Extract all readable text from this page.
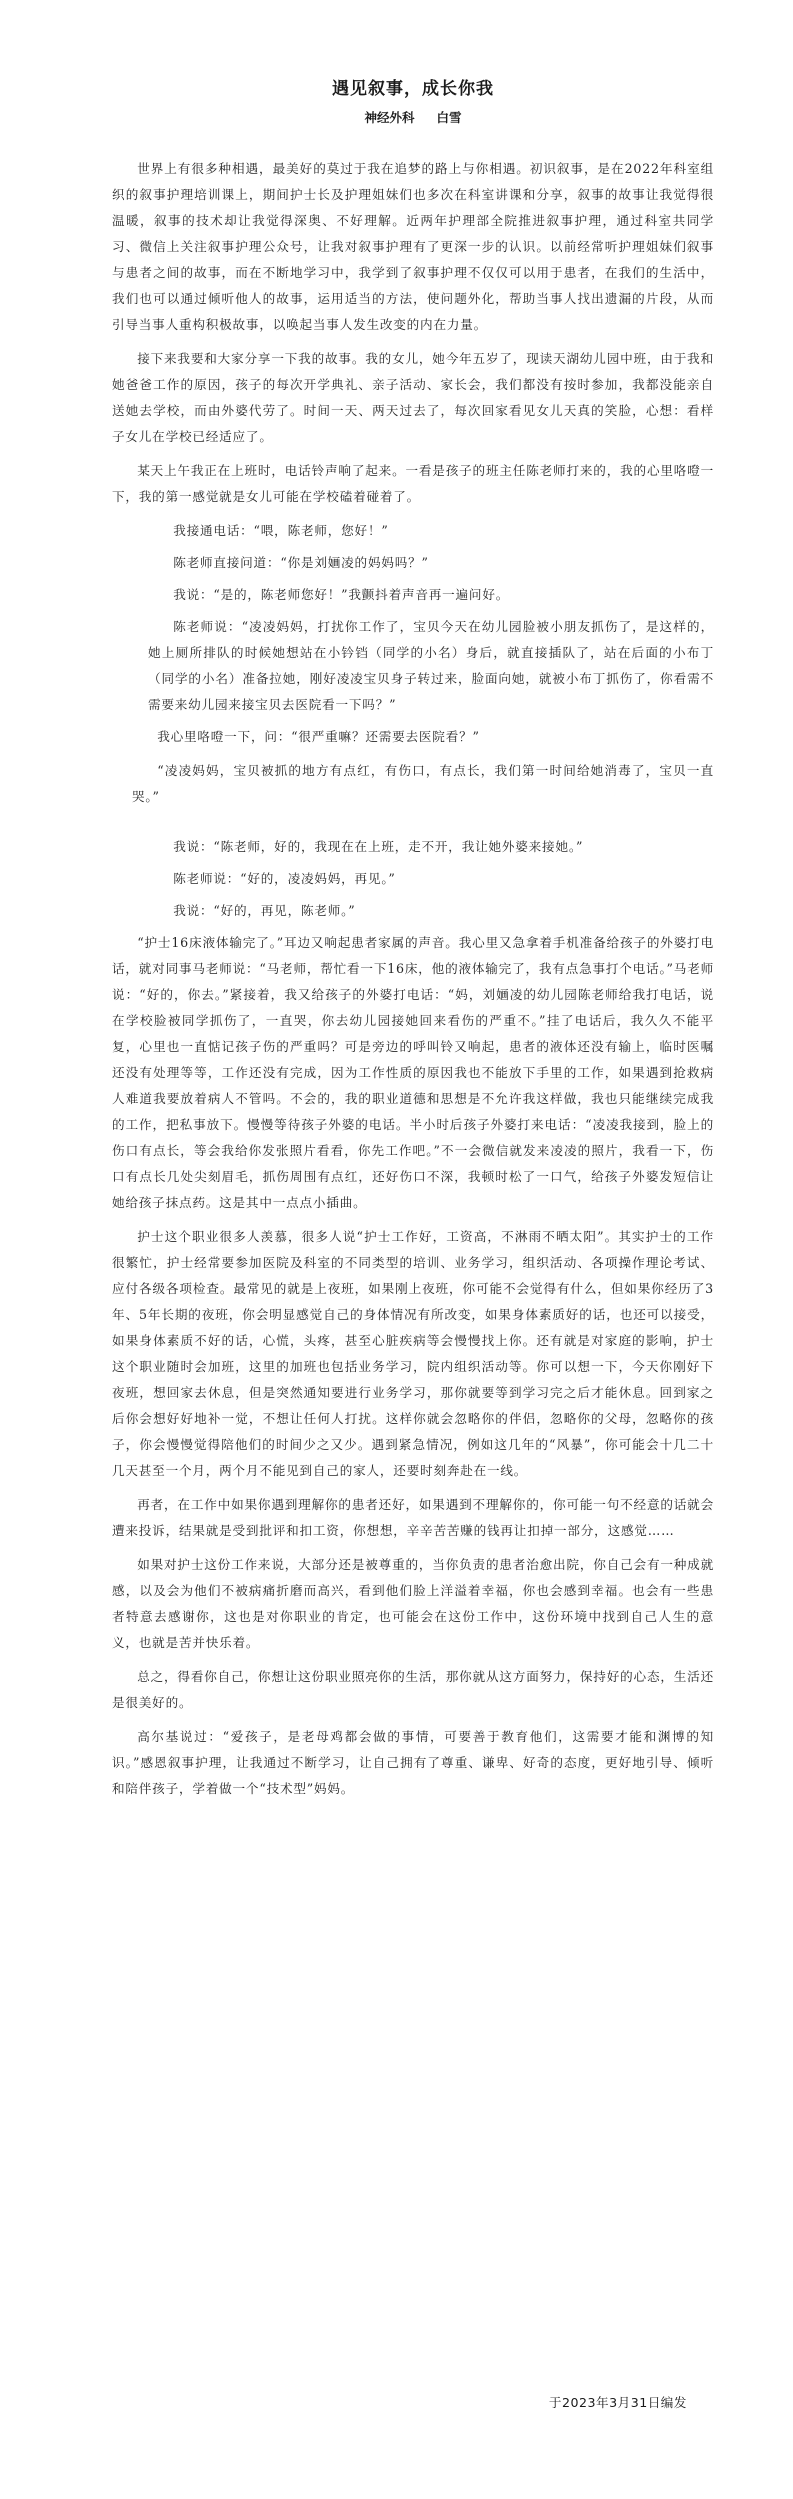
遇见叙事，成长你我
神经外科 白雪

世界上有很多种相遇，最美好的莫过于我在追梦的路上与你相遇。初识叙事，是在2022年科室组织的叙事护理培训课上，期间护士长及护理姐妹们也多次在科室讲课和分享，叙事的故事让我觉得很温暖，叙事的技术却让我觉得深奥、不好理解。近两年护理部全院推进叙事护理，通过科室共同学习、微信上关注叙事护理公众号，让我对叙事护理有了更深一步的认识。以前经常听护理姐妹们叙事与患者之间的故事，而在不断地学习中，我学到了叙事护理不仅仅可以用于患者，在我们的生活中，我们也可以通过倾听他人的故事，运用适当的方法，使问题外化，帮助当事人找出遗漏的片段，从而引导当事人重构积极故事，以唤起当事人发生改变的内在力量。

接下来我要和大家分享一下我的故事。我的女儿，她今年五岁了，现读天湖幼儿园中班，由于我和她爸爸工作的原因，孩子的每次开学典礼、亲子活动、家长会，我们都没有按时参加，我都没能亲自送她去学校，而由外婆代劳了。时间一天、两天过去了，每次回家看见女儿天真的笑脸，心想：看样子女儿在学校已经适应了。

某天上午我正在上班时，电话铃声响了起来。一看是孩子的班主任陈老师打来的，我的心里咯噔一下，我的第一感觉就是女儿可能在学校磕着碰着了。

我接通电话：“喂，陈老师，您好！”

陈老师直接问道：“你是刘婳凌的妈妈吗？”

我说：“是的，陈老师您好！”我颤抖着声音再一遍问好。

陈老师说：“凌凌妈妈，打扰你工作了，宝贝今天在幼儿园脸被小朋友抓伤了，是这样的，她上厕所排队的时候她想站在小钤铛（同学的小名）身后，就直接插队了，站在后面的小布丁（同学的小名）准备拉她，刚好凌凌宝贝身子转过来，脸面向她，就被小布丁抓伤了，你看需不需要来幼儿园来接宝贝去医院看一下吗？”

我心里咯噔一下，问：“很严重嘛？还需要去医院看？”

“凌凌妈妈，宝贝被抓的地方有点红，有伤口，有点长，我们第一时间给她消毒了，宝贝一直哭。”

我说：“陈老师，好的，我现在在上班，走不开，我让她外婆来接她。”

陈老师说：“好的，凌凌妈妈，再见。”

我说：“好的，再见，陈老师。”

“护士16床液体输完了。”耳边又响起患者家属的声音。我心里又急拿着手机准备给孩子的外婆打电话，就对同事马老师说：“马老师，帮忙看一下16床，他的液体输完了，我有点急事打个电话。”马老师说：“好的，你去。”紧接着，我又给孩子的外婆打电话：“妈，刘婳凌的幼儿园陈老师给我打电话，说在学校脸被同学抓伤了，一直哭，你去幼儿园接她回来看伤的严重不。”挂了电话后，我久久不能平复，心里也一直惦记孩子伤的严重吗？可是旁边的呼叫铃又响起，患者的液体还没有输上，临时医嘱还没有处理等等，工作还没有完成，因为工作性质的原因我也不能放下手里的工作，如果遇到抢救病人难道我要放着病人不管吗。不会的，我的职业道德和思想是不允许我这样做，我也只能继续完成我的工作，把私事放下。慢慢等待孩子外婆的电话。半小时后孩子外婆打来电话：“凌凌我接到，脸上的伤口有点长，等会我给你发张照片看看，你先工作吧。”不一会微信就发来凌凌的照片，我看一下，伤口有点长几处尖刻眉毛，抓伤周围有点红，还好伤口不深，我顿时松了一口气，给孩子外婆发短信让她给孩子抹点药。这是其中一点点小插曲。

护士这个职业很多人羡慕，很多人说“护士工作好，工资高，不淋雨不晒太阳”。其实护士的工作很繁忙，护士经常要参加医院及科室的不同类型的培训、业务学习，组织活动、各项操作理论考试、应付各级各项检查。最常见的就是上夜班，如果刚上夜班，你可能不会觉得有什么，但如果你经历了3年、5年长期的夜班，你会明显感觉自己的身体情况有所改变，如果身体素质好的话，也还可以接受，如果身体素质不好的话，心慌，头疼，甚至心脏疾病等会慢慢找上你。还有就是对家庭的影响，护士这个职业随时会加班，这里的加班也包括业务学习，院内组织活动等。你可以想一下，今天你刚好下夜班，想回家去休息，但是突然通知要进行业务学习，那你就要等到学习完之后才能休息。回到家之后你会想好好地补一觉，不想让任何人打扰。这样你就会忽略你的伴侣，忽略你的父母，忽略你的孩子，你会慢慢觉得陪他们的时间少之又少。遇到紧急情况，例如这几年的“风暴”，你可能会十几二十几天甚至一个月，两个月不能见到自己的家人，还要时刻奔赴在一线。

再者，在工作中如果你遇到理解你的患者还好，如果遇到不理解你的，你可能一句不经意的话就会遭来投诉，结果就是受到批评和扣工资，你想想，辛辛苦苦赚的钱再让扣掉一部分，这感觉……

如果对护士这份工作来说，大部分还是被尊重的，当你负责的患者治愈出院，你自己会有一种成就感，以及会为他们不被病痛折磨而高兴，看到他们脸上洋溢着幸福，你也会感到幸福。也会有一些患者特意去感谢你，这也是对你职业的肯定，也可能会在这份工作中，这份环境中找到自己人生的意义，也就是苦并快乐着。

总之，得看你自己，你想让这份职业照亮你的生活，那你就从这方面努力，保持好的心态，生活还是很美好的。

高尔基说过：“爱孩子，是老母鸡都会做的事情，可要善于教育他们，这需要才能和渊博的知识。”感恩叙事护理，让我通过不断学习，让自己拥有了尊重、谦卑、好奇的态度，更好地引导、倾听和陪伴孩子，学着做一个“技术型”妈妈。

于2023年3月31日编发
